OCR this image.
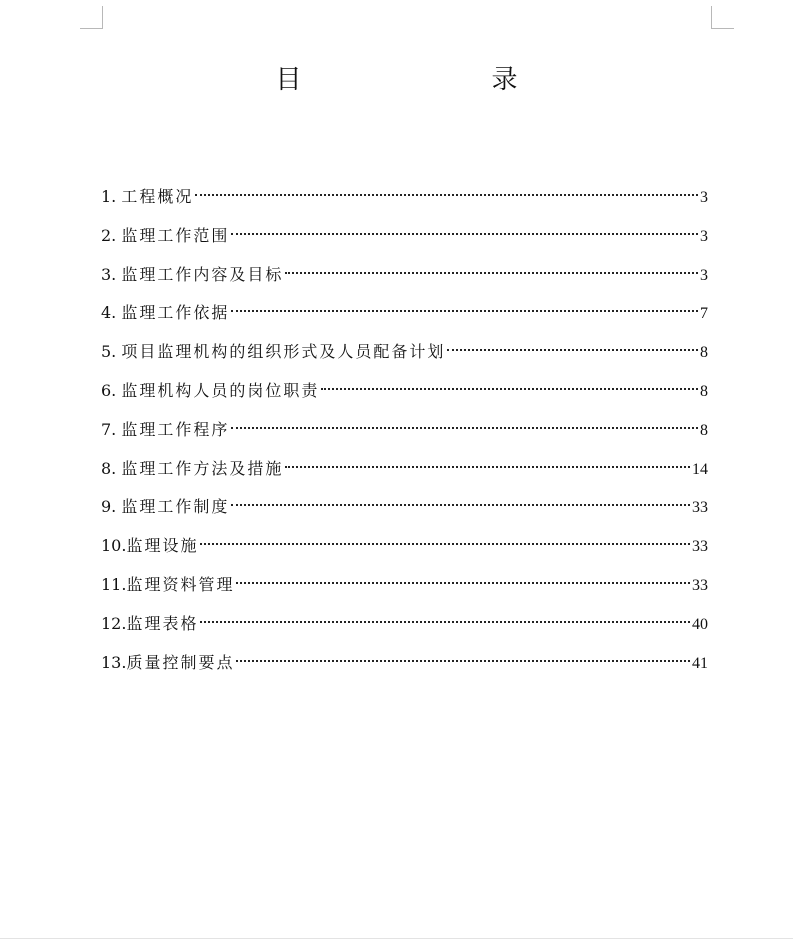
目　录
1. 工程概况	3
2. 监理工作范围	3
3. 监理工作内容及目标	3
4. 监理工作依据	7
5. 项目监理机构的组织形式及人员配备计划	8
6. 监理机构人员的岗位职责	8
7. 监理工作程序	8
8. 监理工作方法及措施	14
9. 监理工作制度	33
10. 监理设施	33
11. 监理资料管理	33
12. 监理表格	40
13. 质量控制要点	41
